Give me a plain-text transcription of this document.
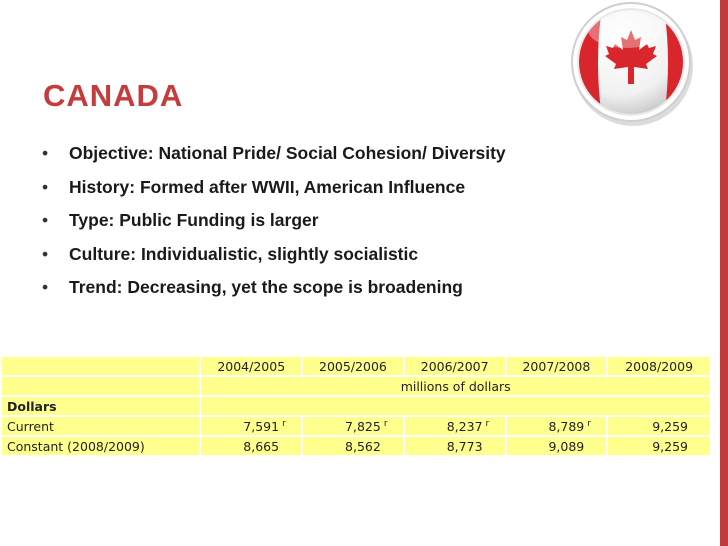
CANADA
• Objective: National Pride/ Social Cohesion/ Diversity
• History: Formed after WWII, American Influence
• Type: Public Funding is larger
• Culture: Individualistic, slightly socialistic
• Trend: Decreasing, yet the scope is broadening
	2004/2005	2005/2006	2006/2007	2007/2008	2008/2009
	millions of dollars				
Dollars					
Current	7,591 r	7,825 r	8,237 r	8,789 r	9,259
Constant (2008/2009)	8,665	8,562	8,773	9,089	9,259
